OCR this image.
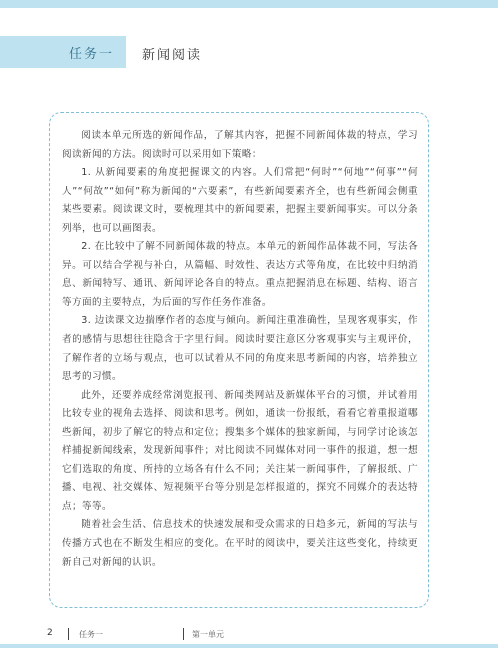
任务一 新闻阅读

阅读本单元所选的新闻作品，了解其内容，把握不同新闻体裁的特点，学习阅读新闻的方法。阅读时可以采用如下策略：

1. 从新闻要素的角度把握课文的内容。人们常把“何时”“何地”“何事”“何人”“何故”“如何”称为新闻的“六要素”，有些新闻要素齐全，也有些新闻会侧重某些要素。阅读课文时，要梳理其中的新闻要素，把握主要新闻事实。可以分条列举，也可以画图表。

2. 在比较中了解不同新闻体裁的特点。本单元的新闻作品体裁不同，写法各异。可以结合学视与补白，从篇幅、时效性、表达方式等角度，在比较中归纳消息、新闻特写、通讯、新闻评论各自的特点。重点把握消息在标题、结构、语言等方面的主要特点，为后面的写作任务作准备。

3. 边读课文边揣摩作者的态度与倾向。新闻注重准确性，呈现客观事实，作者的感情与思想往往隐含于字里行间。阅读时要注意区分客观事实与主观评价，了解作者的立场与观点，也可以试着从不同的角度来思考新闻的内容，培养独立思考的习惯。

此外，还要养成经常浏览报刊、新闻类网站及新媒体平台的习惯，并试着用比较专业的视角去选择、阅读和思考。例如，通读一份报纸，看看它着重报道哪些新闻，初步了解它的特点和定位；搜集多个媒体的独家新闻，与同学讨论该怎样捕捉新闻线索，发现新闻事件；对比阅读不同媒体对同一事件的报道，想一想它们选取的角度、所持的立场各有什么不同；关注某一新闻事件，了解报纸、广播、电视、社交媒体、短视频平台等分别是怎样报道的，探究不同媒介的表达特点；等等。

随着社会生活、信息技术的快速发展和受众需求的日趋多元，新闻的写法与传播方式也在不断发生相应的变化。在平时的阅读中，要关注这些变化，持续更新自己对新闻的认识。

2	任务一	第一单元
